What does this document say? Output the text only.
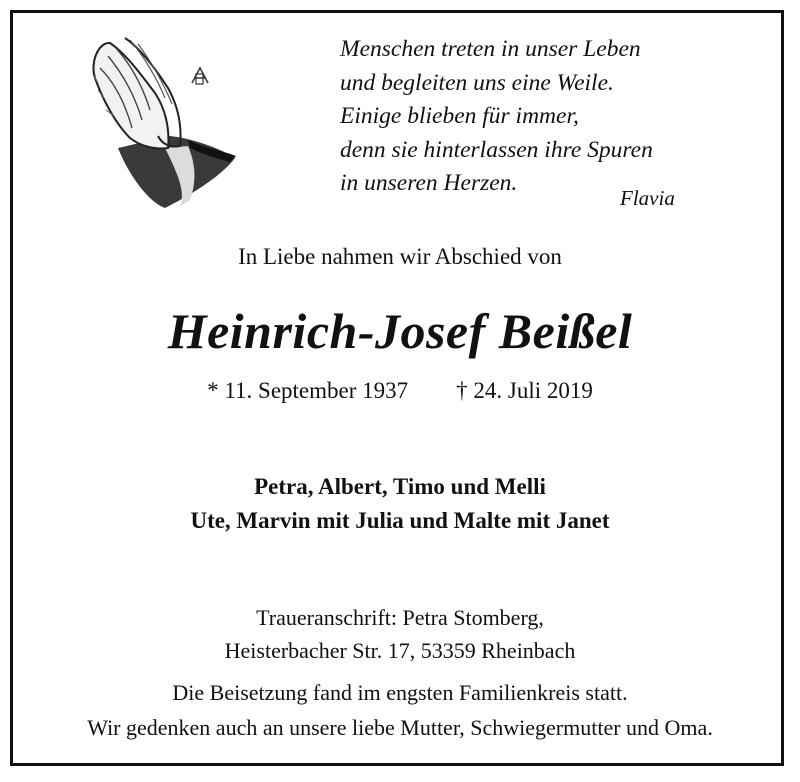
Menschen treten in unser Leben
und begleiten uns eine Weile.
Einige blieben für immer,
denn sie hinterlassen ihre Spuren
in unseren Herzen.
Flavia
In Liebe nahmen wir Abschied von
Heinrich-Josef Beißel
* 11. September 1937 † 24. Juli 2019
Petra, Albert, Timo und Melli
Ute, Marvin mit Julia und Malte mit Janet
Traueranschrift: Petra Stomberg,
Heisterbacher Str. 17, 53359 Rheinbach
Die Beisetzung fand im engsten Familienkreis statt.
Wir gedenken auch an unsere liebe Mutter, Schwiegermutter und Oma.
